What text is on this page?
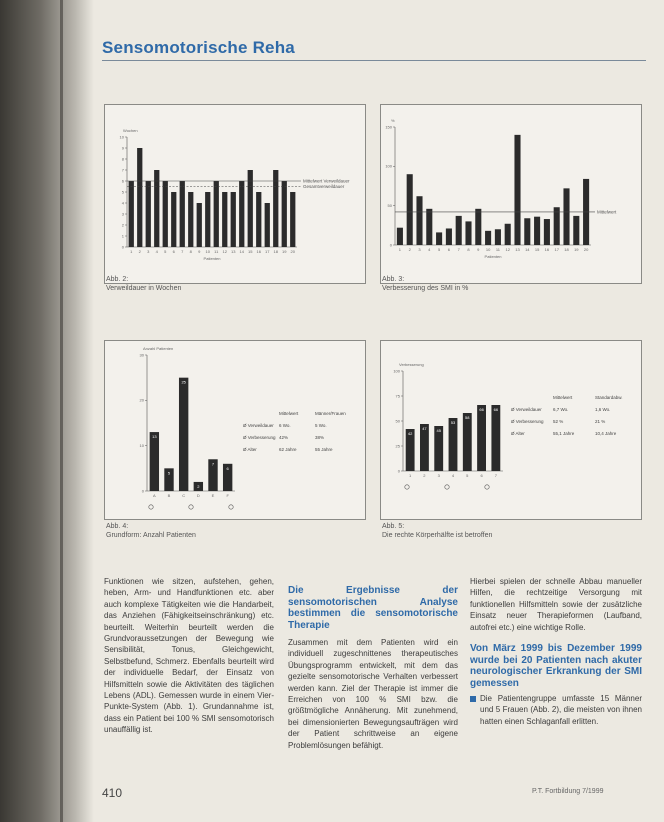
Sensomotorische Reha
0
1
2
3
4
5
6
7
8
9
10
Wochen
Patienten
1 2 3 4 5 6 7 8 9 10 11 12 13 14 15 16 17 18 19 20
Mittelwert Verweildauer
Gesamtverweildauer
Abb. 2:
Verweildauer in Wochen
0
50
100
150
%
Patienten
1 2 3 4 5 6 7 8 9 10 11 12 13 14 15 16 17 18 19 20
Mittelwert
Abb. 3:
Verbesserung des SMI in %
0
10
20
30
Anzahl Patienten
A
13
B
5
C
25
D
2
E
7
F
6
Mittelwert	Männer/Frauen
Ø Verweildauer 6 Wo.	5 Wo.
Ø Verbesserung 42%	38%
Ø Alter	62 Jahre	55 Jahre
Abb. 4:
Grundform: Anzahl Patienten
0
25
50
75
100
Verbesserung
1
42
2
47
3
45
4
53
5
58
6
66
7
66
Mittelwert	Standardabw.
Ø Verweildauer 6,7 Wo.	1,6 Wo.
Ø Verbesserung 52 %	21 %
Ø Alter	55,1 Jahre	10,4 Jahre
Abb. 5:
Die rechte Körperhälfte ist betroffen

Funktionen wie sitzen, aufstehen, gehen, heben, Arm- und Handfunktionen etc. aber auch komplexe Tätigkeiten wie die Handarbeit, das Anziehen (Fähigkeitseinschränkung) etc. beurteilt. Weiterhin beurteilt werden die Grundvoraussetzungen der Bewegung wie Sensibilität, Tonus, Gleichgewicht, Selbstbefund, Schmerz. Ebenfalls beurteilt wird der individuelle Bedarf, der Einsatz von Hilfsmitteln sowie die Aktivitäten des täglichen Lebens (ADL). Gemessen wurde in einem Vier-Punkte-System (Abb. 1). Grundannahme ist, dass ein Patient bei 100 % SMI sensomotorisch unauffällig ist.

Die Ergebnisse der sensomotorischen Analyse bestimmen die sensomotorische Therapie

Zusammen mit dem Patienten wird ein individuell zugeschnittenes therapeutisches Übungsprogramm entwickelt, mit dem das gezielte sensomotorische Verhalten verbessert werden kann. Ziel der Therapie ist immer die Erreichen von 100 % SMI bzw. die größtmögliche Annäherung. Mit zunehmend, bei dimensionierten Bewegungsaufträgen wird der Patient schrittweise an eigene Problemlösungen befähigt.

Hierbei spielen der schnelle Abbau manueller Hilfen, die rechtzeitige Versorgung mit funktionellen Hilfsmitteln sowie der zusätzliche Einsatz neuer Therapieformen (Laufband, autofrei etc.) eine wichtige Rolle.

Von März 1999 bis Dezember 1999 wurde bei 20 Patienten nach akuter neurologischer Erkrankung der SMI gemessen

Die Patientengruppe umfasste 15 Männer und 5 Frauen (Abb. 2), die meisten von ihnen hatten einen Schlaganfall erlitten.

410	P.T. Fortbildung 7/1999
